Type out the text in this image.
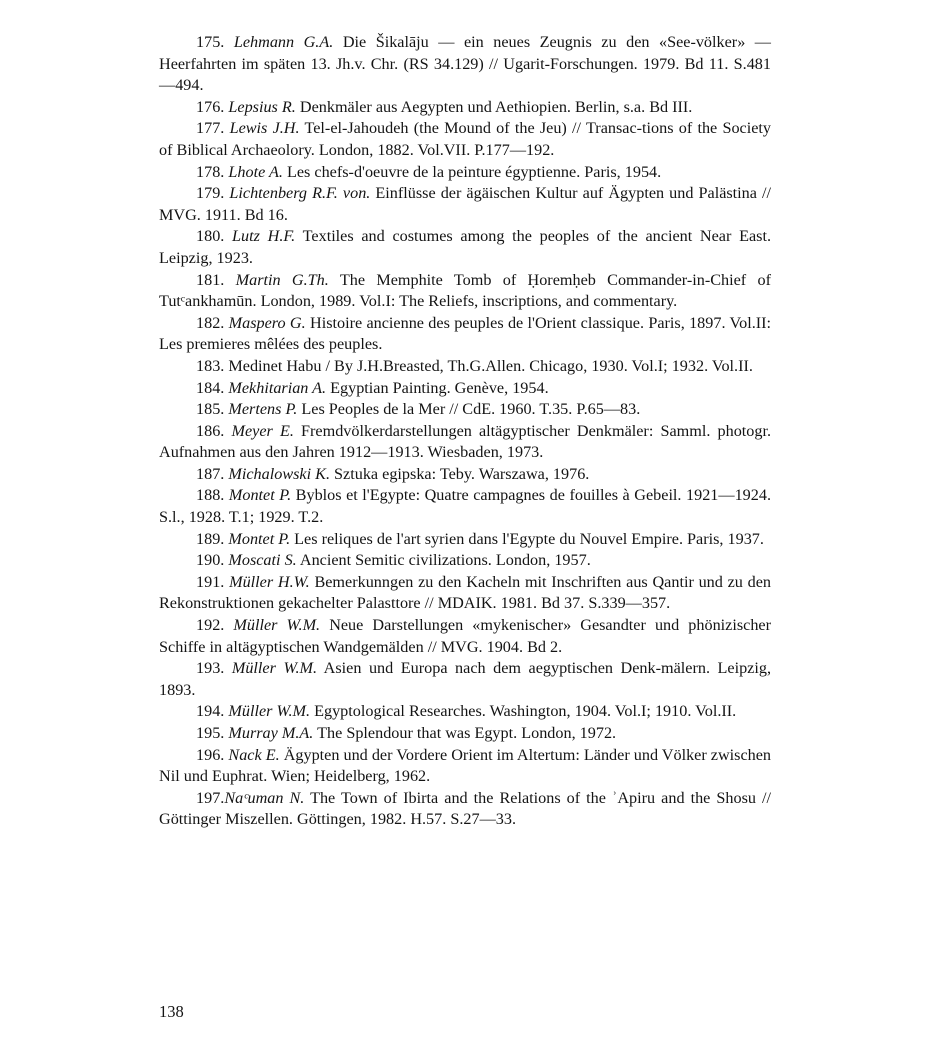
175. Lehmann G.A. Die Šikalāju — ein neues Zeugnis zu den «See-völker» — Heerfahrten im späten 13. Jh.v. Chr. (RS 34.129) // Ugarit-Forschungen. 1979. Bd 11. S.481—494.

176. Lepsius R. Denkmäler aus Aegypten und Aethiopien. Berlin, s.a. Bd III.

177. Lewis J.H. Tel-el-Jahoudeh (the Mound of the Jeu) // Transac-tions of the Society of Biblical Archaeolory. London, 1882. Vol.VII. P.177—192.

178. Lhote A. Les chefs-d'oeuvre de la peinture égyptienne. Paris, 1954.

179. Lichtenberg R.F. von. Einflüsse der ägäischen Kultur auf Ägypten und Palästina // MVG. 1911. Bd 16.

180. Lutz H.F. Textiles and costumes among the peoples of the ancient Near East. Leipzig, 1923.

181. Martin G.Th. The Memphite Tomb of Ḥoremḥeb Commander-in-Chief of Tutᶜankhamūn. London, 1989. Vol.I: The Reliefs, inscriptions, and commentary.

182. Maspero G. Histoire ancienne des peuples de l'Orient classique. Paris, 1897. Vol.II: Les premieres mêlées des peuples.

183. Medinet Habu / By J.H.Breasted, Th.G.Allen. Chicago, 1930. Vol.I; 1932. Vol.II.

184. Mekhitarian A. Egyptian Painting. Genève, 1954.

185. Mertens P. Les Peoples de la Mer // CdE. 1960. T.35. P.65—83.

186. Meyer E. Fremdvölkerdarstellungen altägyptischer Denkmäler: Samml. photogr. Aufnahmen aus den Jahren 1912—1913. Wiesbaden, 1973.

187. Michalowski K. Sztuka egipska: Teby. Warszawa, 1976.

188. Montet P. Byblos et l'Egypte: Quatre campagnes de fouilles à Gebeil. 1921—1924. S.l., 1928. T.1; 1929. T.2.

189. Montet P. Les reliques de l'art syrien dans l'Egypte du Nouvel Empire. Paris, 1937.

190. Moscati S. Ancient Semitic civilizations. London, 1957.

191. Müller H.W. Bemerkunngen zu den Kacheln mit Inschriften aus Qantir und zu den Rekonstruktionen gekachelter Palasttore // MDAIK. 1981. Bd 37. S.339—357.

192. Müller W.M. Neue Darstellungen «mykenischer» Gesandter und phönizischer Schiffe in altägyptischen Wandgemälden // MVG. 1904. Bd 2.

193. Müller W.M. Asien und Europa nach dem aegyptischen Denk-mälern. Leipzig, 1893.

194. Müller W.M. Egyptological Researches. Washington, 1904. Vol.I; 1910. Vol.II.

195. Murray M.A. The Splendour that was Egypt. London, 1972.

196. Nack E. Ägypten und der Vordere Orient im Altertum: Länder und Völker zwischen Nil und Euphrat. Wien; Heidelberg, 1962.

197.Naᶜuman N. The Town of Ibirta and the Relations of the ʾApiru and the Shosu // Göttinger Miszellen. Göttingen, 1982. H.57. S.27—33.

138
